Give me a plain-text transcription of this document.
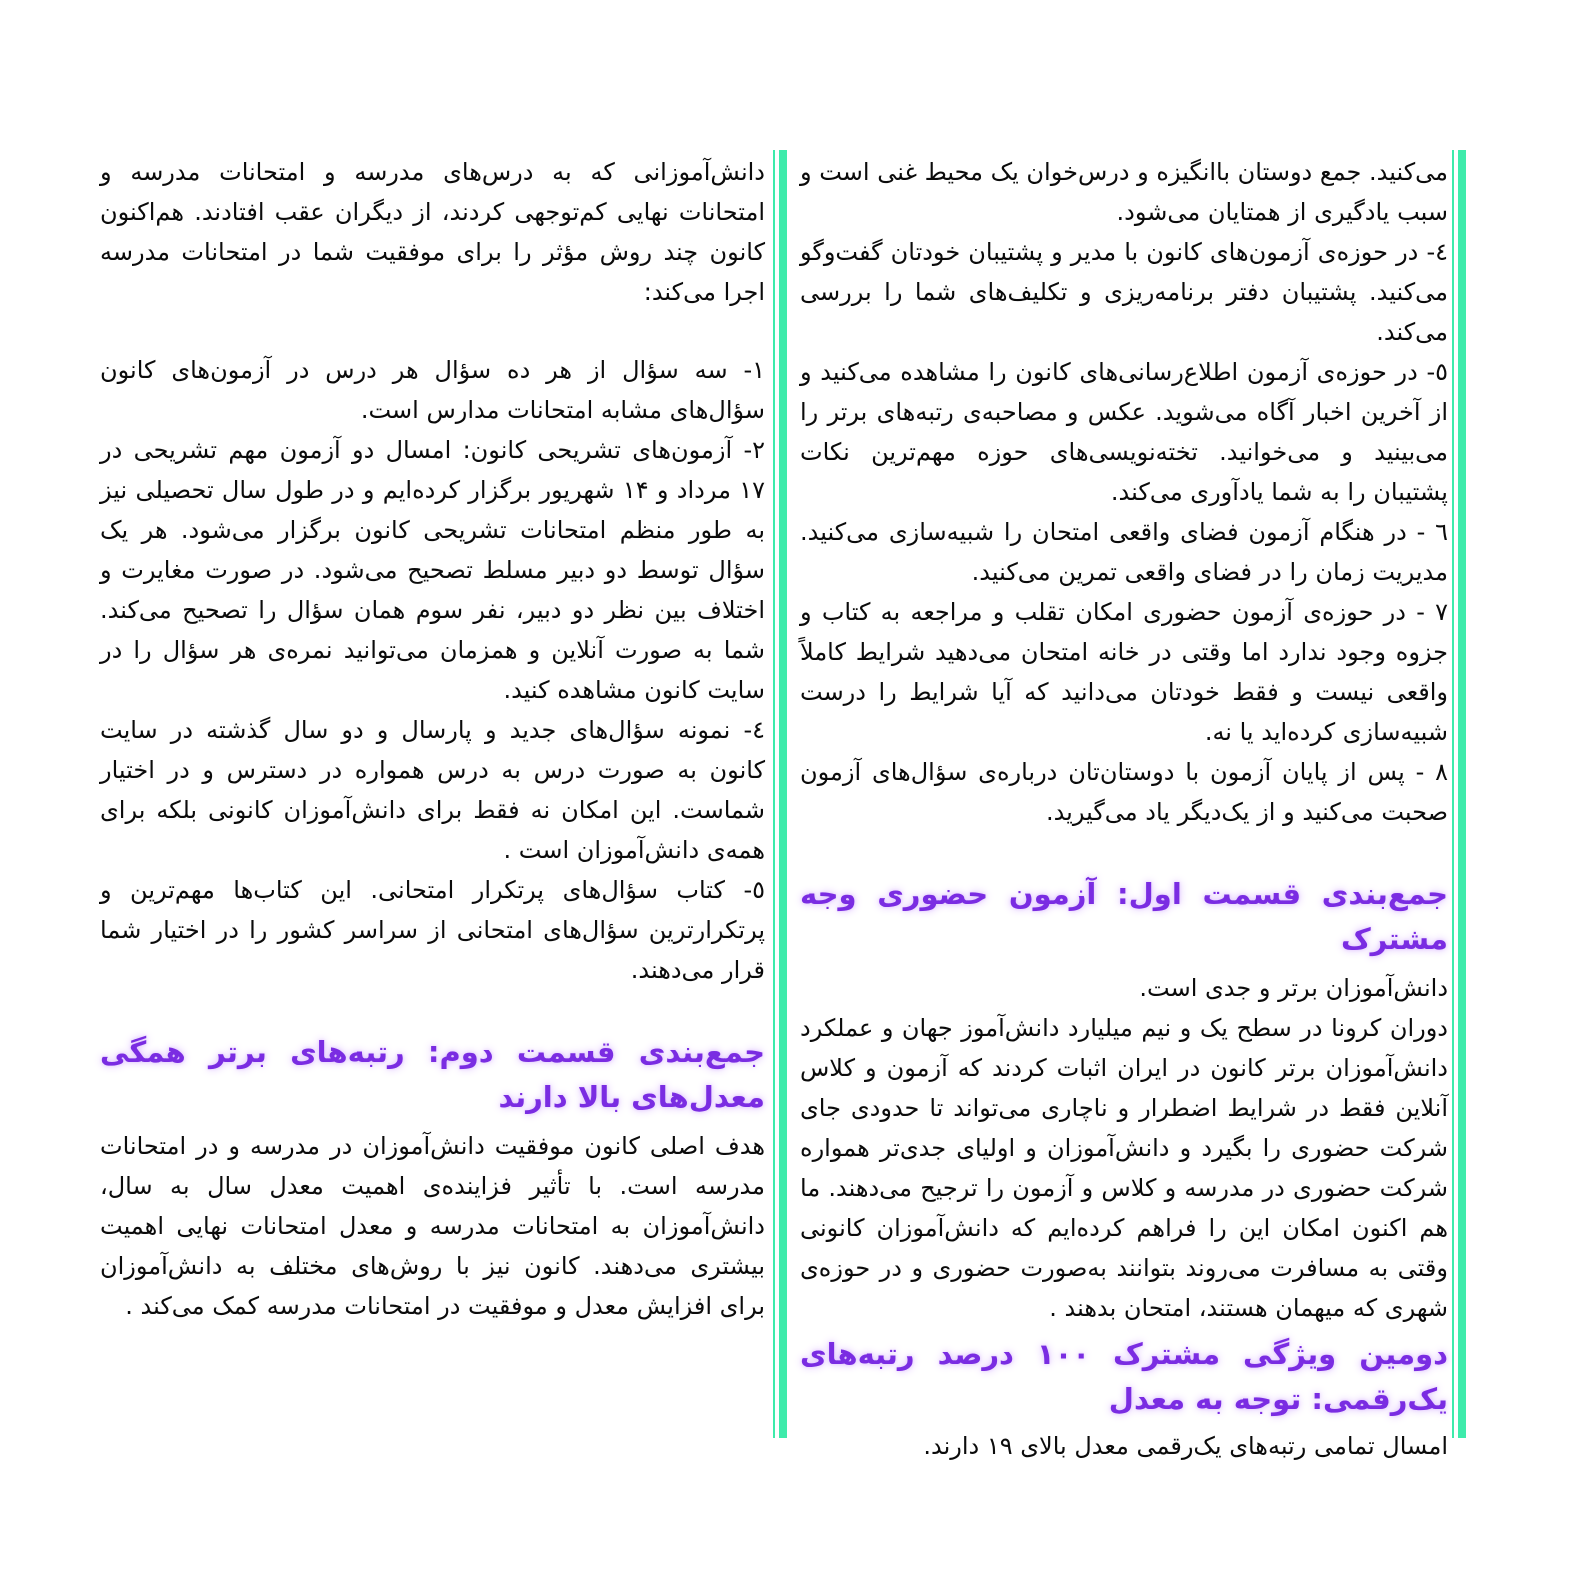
می‌کنید. جمع دوستان باانگیزه و درس‌خوان یک محیط غنی است و سبب یادگیری از همتایان می‌شود.

٤- در حوزه‌ی آزمون‌های کانون با مدیر و پشتیبان خودتان گفت‌وگو می‌کنید. پشتیبان دفتر برنامه‌ریزی و تکلیف‌های شما را بررسی می‌کند.

٥- در حوزه‌ی آزمون اطلاع‌رسانی‌های کانون را مشاهده می‌کنید و از آخرین اخبار آگاه می‌شوید. عکس و مصاحبه‌ی رتبه‌های برتر را می‌بینید و می‌خوانید. تخته‌نویسی‌های حوزه مهم‌ترین نکات پشتیبان را به شما یادآوری می‌کند.

٦ - در هنگام آزمون فضای واقعی امتحان را شبیه‌سازی می‌کنید. مدیریت زمان را در فضای واقعی تمرین می‌کنید.

٧ - در حوزه‌ی آزمون حضوری امکان تقلب و مراجعه به کتاب و جزوه وجود ندارد اما وقتی در خانه امتحان می‌دهید شرایط کاملاً واقعی نیست و فقط خودتان می‌دانید که آیا شرایط را درست شبیه‌سازی کرده‌اید یا نه.

٨ - پس از پایان آزمون با دوستان‌تان درباره‌ی سؤال‌های آزمون صحبت می‌کنید و از یک‌دیگر یاد می‌گیرید.

جمع‌بندی قسمت اول: آزمون حضوری وجه مشترک

دانش‌آموزان برتر و جدی است.

دوران کرونا در سطح یک و نیم میلیارد دانش‌آموز جهان و عملکرد دانش‌آموزان برتر کانون در ایران اثبات کردند که آزمون و کلاس آنلاین فقط در شرایط اضطرار و ناچاری می‌تواند تا حدودی جای شرکت حضوری را بگیرد و دانش‌آموزان و اولیای جدی‌تر همواره شرکت حضوری در مدرسه و کلاس و آزمون را ترجیح می‌دهند. ما هم اکنون امکان این را فراهم کرده‌ایم که دانش‌آموزان کانونی وقتی به مسافرت می‌روند بتوانند به‌صورت حضوری و در حوزه‌ی شهری که میهمان هستند، امتحان بدهند .

دومین ویژگی مشترک ۱۰۰ درصد رتبه‌های یک‌رقمی: توجه به معدل

امسال تمامی رتبه‌های یک‌رقمی معدل بالای ۱۹ دارند.

دانش‌آموزانی که به درس‌های مدرسه و امتحانات مدرسه و امتحانات نهایی کم‌توجهی کردند، از دیگران عقب افتادند. هم‌اکنون کانون چند روش مؤثر را برای موفقیت شما در امتحانات مدرسه اجرا می‌کند:

١- سه سؤال از هر ده سؤال هر درس در آزمون‌های کانون سؤال‌های مشابه امتحانات مدارس است.

٢- آزمون‌های تشریحی کانون: امسال دو آزمون مهم تشریحی در ۱۷ مرداد و ۱۴ شهریور برگزار کرده‌ایم و در طول سال تحصیلی نیز به طور منظم امتحانات تشریحی کانون برگزار می‌شود. هر یک سؤال توسط دو دبیر مسلط تصحیح می‌شود. در صورت مغایرت و اختلاف بین نظر دو دبیر، نفر سوم همان سؤال را تصحیح می‌کند. شما به صورت آنلاین و همزمان می‌توانید نمره‌ی هر سؤال را در سایت کانون مشاهده کنید.

٤- نمونه سؤال‌های جدید و پارسال و دو سال گذشته در سایت کانون به صورت درس به درس همواره در دسترس و در اختیار شماست. این امکان نه فقط برای دانش‌آموزان کانونی بلکه برای همه‌ی دانش‌آموزان است .

٥- کتاب سؤال‌های پرتکرار امتحانی. این کتاب‌ها مهم‌ترین و پرتکرارترین سؤال‌های امتحانی از سراسر کشور را در اختیار شما قرار می‌دهند.

جمع‌بندی قسمت دوم: رتبه‌های برتر همگی معدل‌های بالا دارند

هدف اصلی کانون موفقیت دانش‌آموزان در مدرسه و در امتحانات مدرسه است. با تأثیر فزاینده‌ی اهمیت معدل سال به سال، دانش‌آموزان به امتحانات مدرسه و معدل امتحانات نهایی اهمیت بیشتری می‌دهند. کانون نیز با روش‌های مختلف به دانش‌آموزان برای افزایش معدل و موفقیت در امتحانات مدرسه کمک می‌کند .
